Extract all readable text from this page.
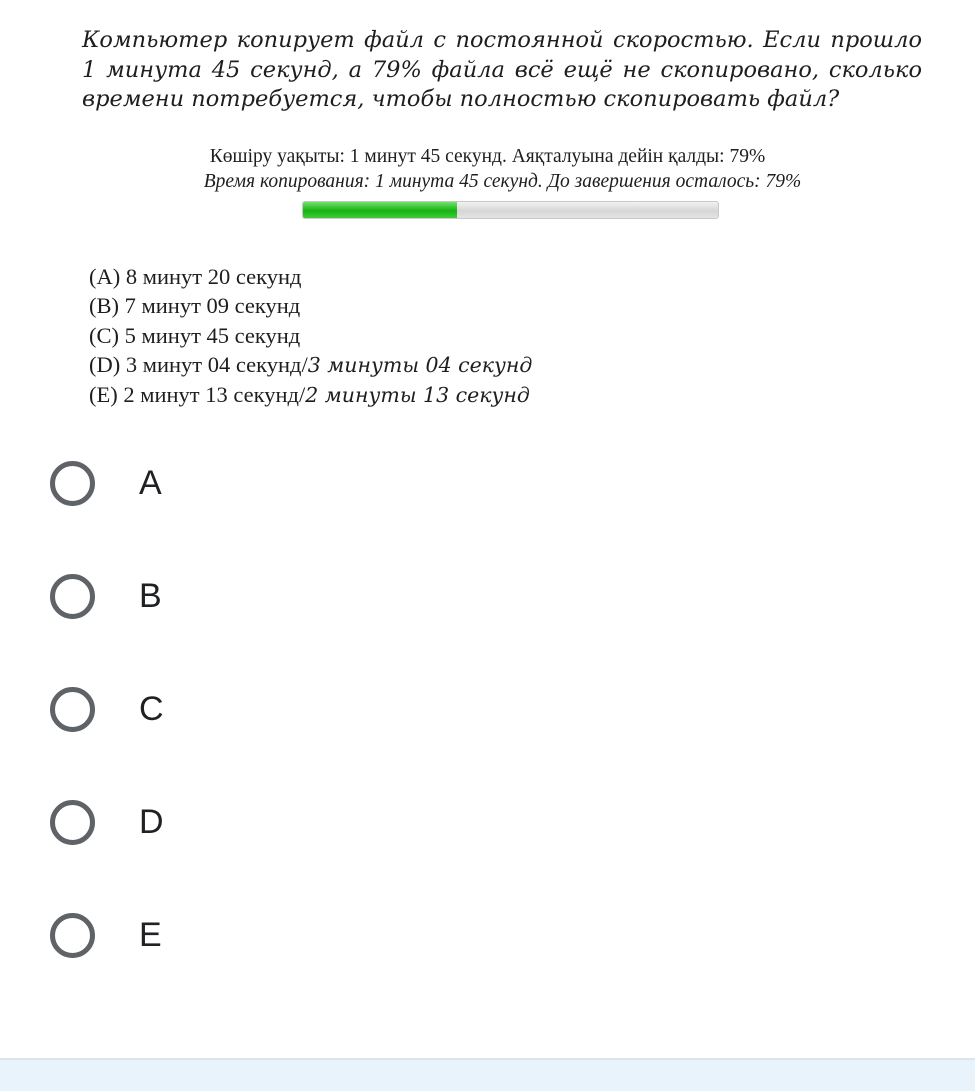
Компьютер копирует файл с постоянной скоростью. Если прошло 1 минута 45 секунд, а 79% файла всё ещё не скопировано, сколько времени потребуется, чтобы полностью скопировать файл?

Көшіру уақыты: 1 минут 45 секунд. Аяқталуына дейін қалды: 79%
Время копирования: 1 минута 45 секунд. До завершения осталось: 79%
(A) 8 минут 20 секунд
(B) 7 минут 09 секунд
(C) 5 минут 45 секунд
(D) 3 минут 04 секунд/3 минуты 04 секунд
(E) 2 минут 13 секунд/2 минуты 13 секунд
A
B
C
D
E
